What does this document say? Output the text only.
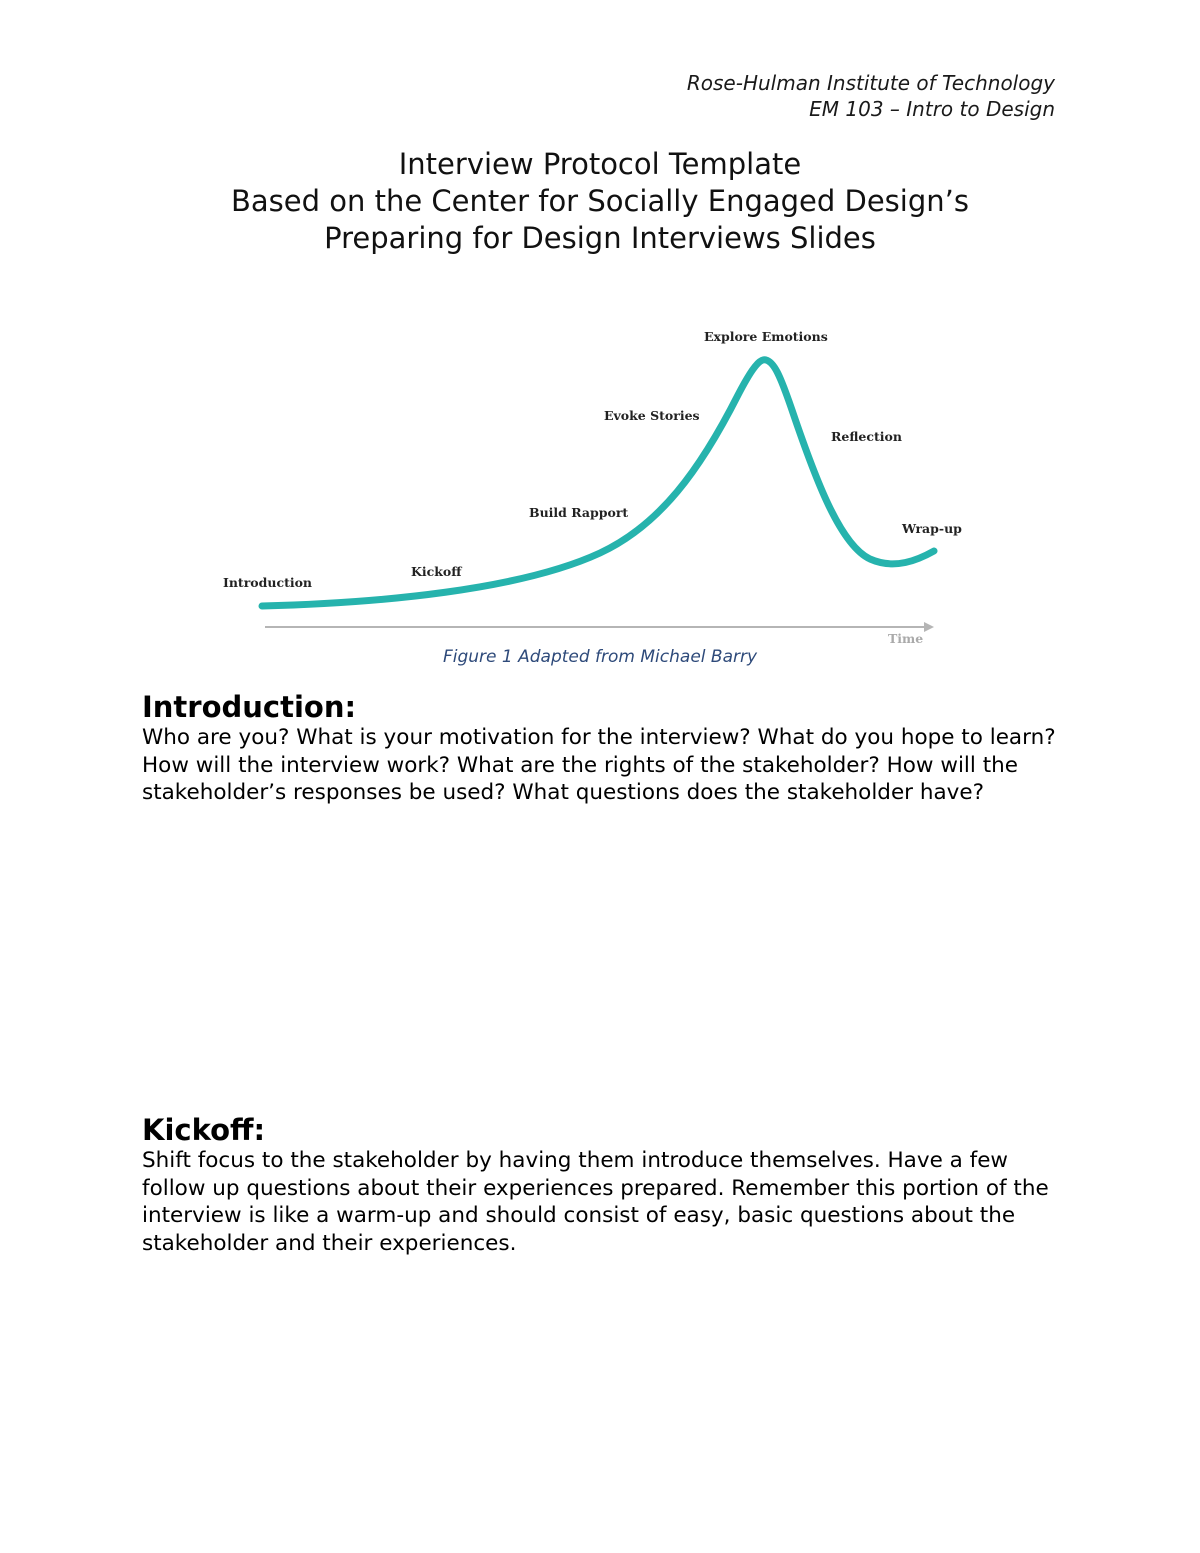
Rose-Hulman Institute of Technology
EM 103 – Intro to Design
Interview Protocol Template
Based on the Center for Socially Engaged Design’s
Preparing for Design Interviews Slides
Time
Introduction
Kickoff
Build Rapport
Evoke Stories
Explore Emotions
Reflection
Wrap-up
Figure 1 Adapted from Michael Barry
Introduction:

Who are you? What is your motivation for the interview? What do you hope to learn? How will the interview work? What are the rights of the stakeholder? How will the stakeholder’s responses be used? What questions does the stakeholder have?

Kickoff:

Shift focus to the stakeholder by having them introduce themselves. Have a few follow up questions about their experiences prepared. Remember this portion of the interview is like a warm-up and should consist of easy, basic questions about the stakeholder and their experiences.
